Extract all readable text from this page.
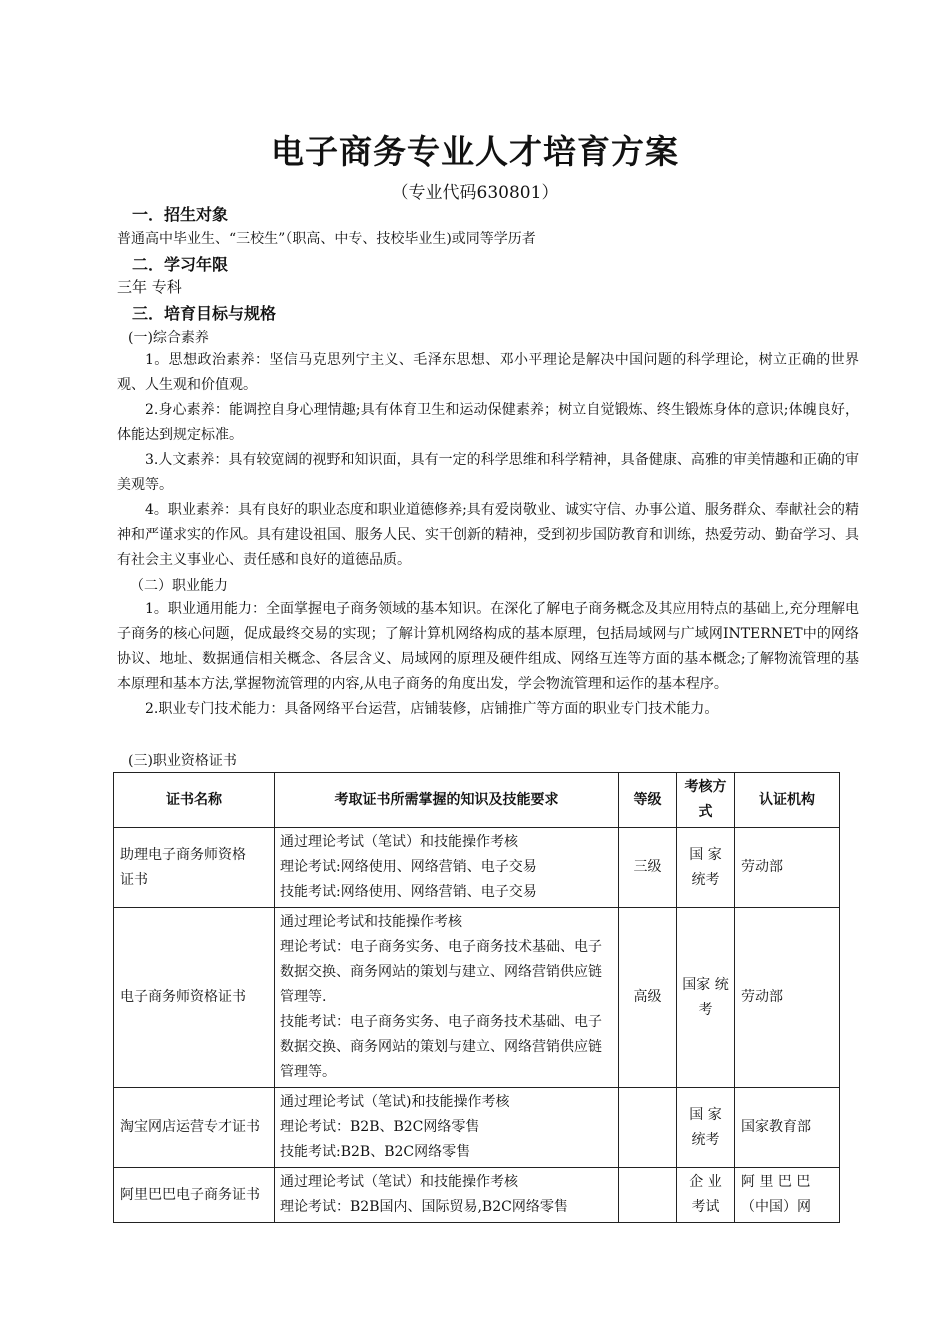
电子商务专业人才培育方案
（专业代码630801）
一．招生对象
普通高中毕业生、“三校生”（职高、中专、技校毕业生)或同等学历者
二．学习年限
三年 专科
三．培育目标与规格
(一)综合素养

1。思想政治素养：坚信马克思列宁主义、毛泽东思想、邓小平理论是解决中国问题的科学理论，树立正确的世界观、人生观和价值观。

2.身心素养：能调控自身心理情趣;具有体育卫生和运动保健素养；树立自觉锻炼、终生锻炼身体的意识;体魄良好，体能达到规定标准。

3.人文素养：具有较宽阔的视野和知识面，具有一定的科学思维和科学精神，具备健康、高雅的审美情趣和正确的审美观等。

4。职业素养：具有良好的职业态度和职业道德修养;具有爱岗敬业、诚实守信、办事公道、服务群众、奉献社会的精神和严谨求实的作风。具有建设祖国、服务人民、实干创新的精神，受到初步国防教育和训练，热爱劳动、勤奋学习、具有社会主义事业心、责任感和良好的道德品质。

（二）职业能力

1。职业通用能力：全面掌握电子商务领域的基本知识。在深化了解电子商务概念及其应用特点的基础上,充分理解电子商务的核心问题，促成最终交易的实现；了解计算机网络构成的基本原理，包括局域网与广域网INTERNET中的网络协议、地址、数据通信相关概念、各层含义、局域网的原理及硬件组成、网络互连等方面的基本概念;了解物流管理的基本原理和基本方法,掌握物流管理的内容,从电子商务的角度出发，学会物流管理和运作的基本程序。

2.职业专门技术能力：具备网络平台运营，店铺装修，店铺推广等方面的职业专门技术能力。

(三)职业资格证书
证书名称	考取证书所需掌握的知识及技能要求	等级	考核方式	认证机构
助理电子商务师资格
证书	通过理论考试（笔试）和技能操作考核
理论考试:网络使用、网络营销、电子交易
技能考试:网络使用、网络营销、电子交易	三级	国 家 统考	劳动部
电子商务师资格证书	通过理论考试和技能操作考核
理论考试：电子商务实务、电子商务技术基础、电子数据交换、商务网站的策划与建立、网络营销供应链管理等.
技能考试：电子商务实务、电子商务技术基础、电子数据交换、商务网站的策划与建立、网络营销供应链管理等。	高级	国家 统考	劳动部
淘宝网店运营专才证书	通过理论考试（笔试)和技能操作考核
理论考试：B2B、B2C网络零售
技能考试:B2B、B2C网络零售		国 家 统考	国家教育部
阿里巴巴电子商务证书	通过理论考试（笔试）和技能操作考核
理论考试：B2B国内、国际贸易,B2C网络零售		企 业 考试	阿 里 巴 巴（中国）网
